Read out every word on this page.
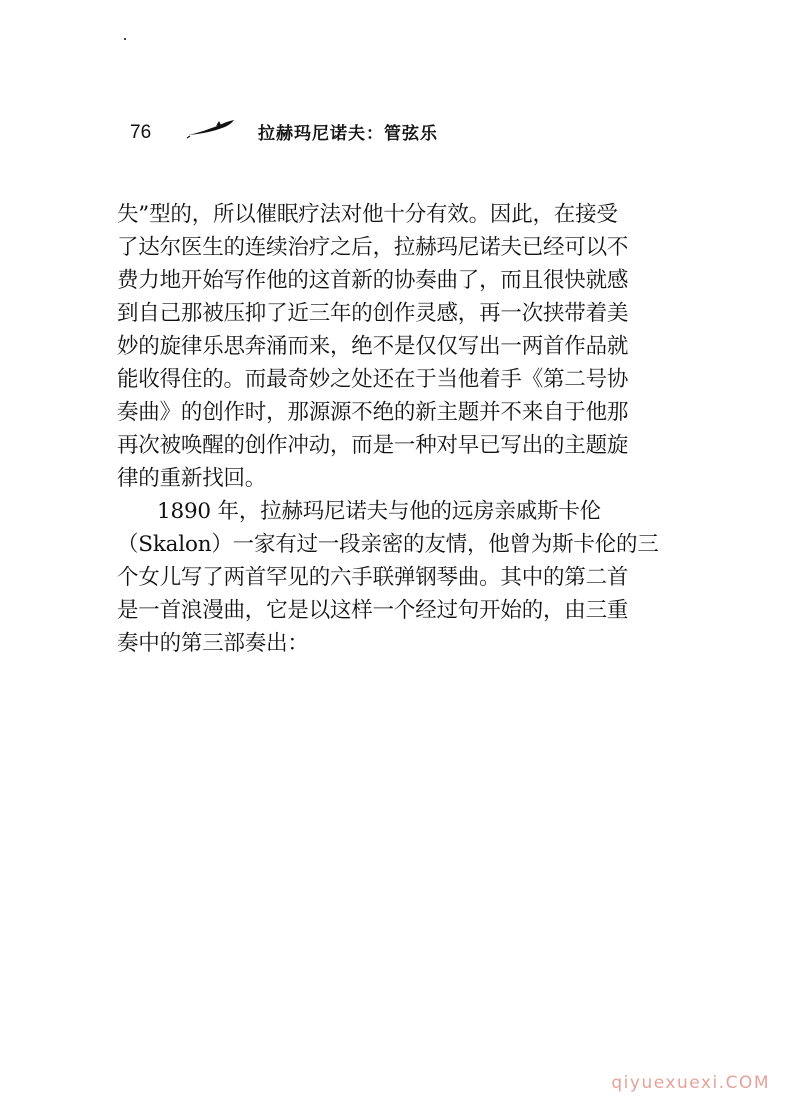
76	拉赫玛尼诺夫：管弦乐
失”型的，所以催眠疗法对他十分有效。因此，在接受
了达尔医生的连续治疗之后，拉赫玛尼诺夫已经可以不
费力地开始写作他的这首新的协奏曲了，而且很快就感
到自己那被压抑了近三年的创作灵感，再一次挟带着美
妙的旋律乐思奔涌而来，绝不是仅仅写出一两首作品就
能收得住的。而最奇妙之处还在于当他着手《第二号协
奏曲》的创作时，那源源不绝的新主题并不来自于他那
再次被唤醒的创作冲动，而是一种对早已写出的主题旋
律的重新找回。
1890 年，拉赫玛尼诺夫与他的远房亲戚斯卡伦
（Skalon）一家有过一段亲密的友情，他曾为斯卡伦的三
个女儿写了两首罕见的六手联弹钢琴曲。其中的第二首
是一首浪漫曲，它是以这样一个经过句开始的，由三重
奏中的第三部奏出：
qiyuexuexi.COM
